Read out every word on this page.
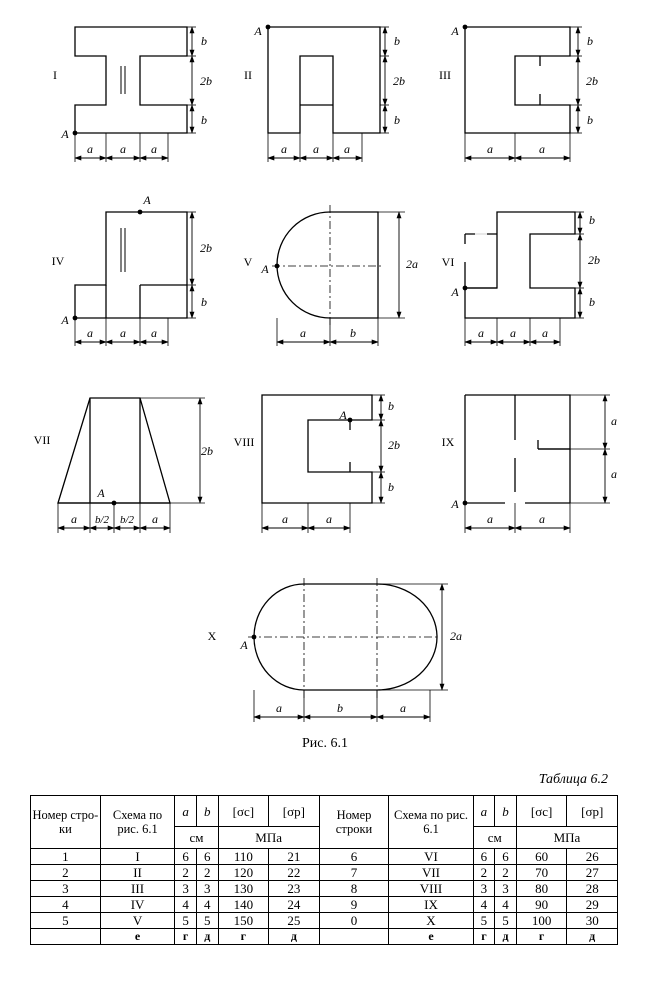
b
2b
b
a a a
I
A
b
2b
b
a a a
II
A
b
2b
b
a	a
III
A
2b
b
a a a
IV
A
A
2a
a	b
V A
b
2b
b
a a a
VI
A
2b
a b/2 b/2 a
VII
A
b
2b
b
a	a
VIII
A	a
a
a	a
IX
A
2a
a	b	a
X
A
Рис. 6.1
Таблица 6.2
Номер стро- ки	Схема по рис. 6.1	a	b	[σc]	[σp]	Номер строки	Схема по рис. 6.1	a	b	[σc]	[σp]
		см		МПа				см		МПа	
1	I	6	6	110	21	6	VI	6	6	60	26
2	II	2	2	120	22	7	VII	2	2	70	27
3	III	3	3	130	23	8	VIII	3	3	80	28
4	IV	4	4	140	24	9	IX	4	4	90	29
5	V	5	5	150	25	0	X	5	5	100	30
	е	г	д	г	д		е	г	д	г	д
